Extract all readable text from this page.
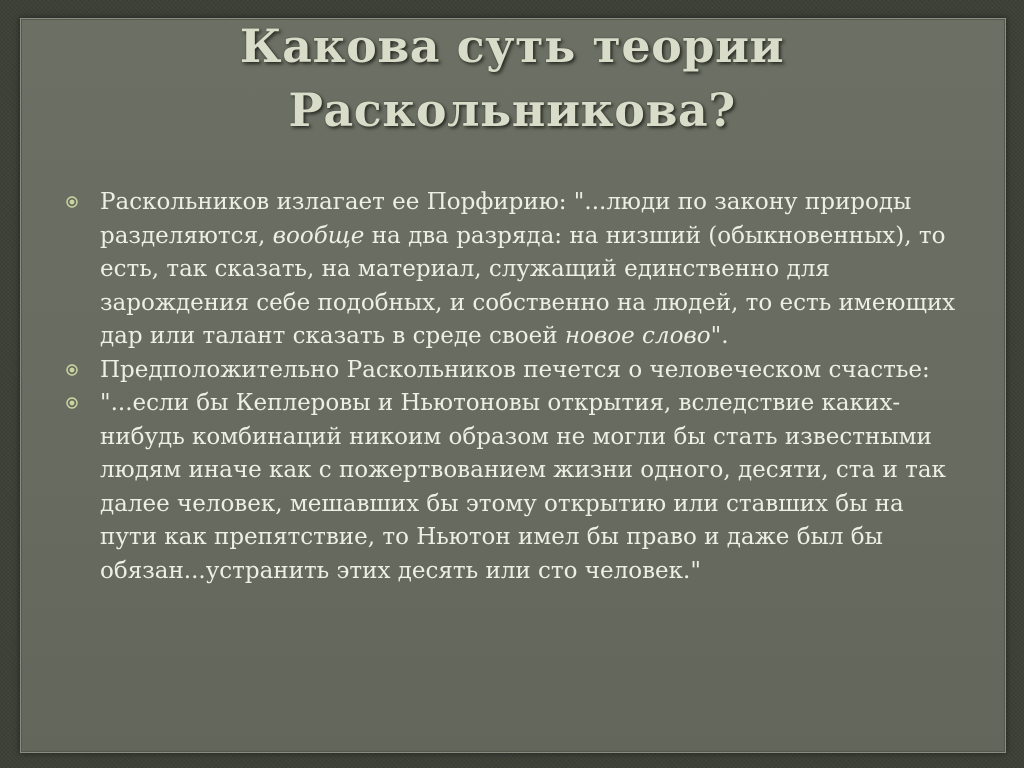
Какова суть теории
Раскольникова?

Раскольников излагает ее Порфирию: "...люди по закону природы разделяются, вообще на два разряда: на низший (обыкновенных), то есть, так сказать, на материал, служащий единственно для зарождения себе подобных, и собственно на людей, то есть имеющих дар или талант сказать в среде своей новое слово".

Предположительно Раскольников печется о человеческом счастье:

"...если бы Кеплеровы и Ньютоновы открытия, вследствие каких-нибудь комбинаций никоим образом не могли бы стать известными людям иначе как с пожертвованием жизни одного, десяти, ста и так далее человек, мешавших бы этому открытию или ставших бы на пути как препятствие, то Ньютон имел бы право и даже был бы обязан...устранить этих десять или сто человек."
